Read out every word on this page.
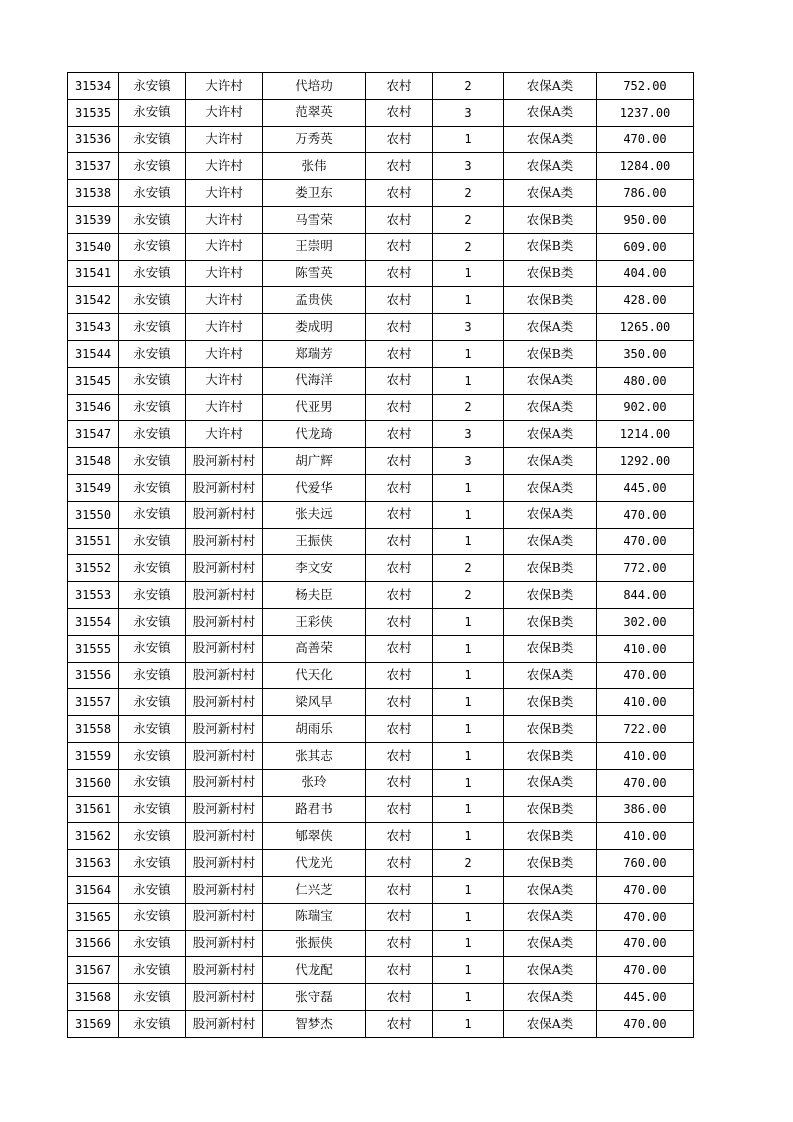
31534	永安镇	大许村	代培功	农村	2	农保A类	752.00
31535	永安镇	大许村	范翠英	农村	3	农保A类	1237.00
31536	永安镇	大许村	万秀英	农村	1	农保A类	470.00
31537	永安镇	大许村	张伟	农村	3	农保A类	1284.00
31538	永安镇	大许村	娄卫东	农村	2	农保A类	786.00
31539	永安镇	大许村	马雪荣	农村	2	农保B类	950.00
31540	永安镇	大许村	王崇明	农村	2	农保B类	609.00
31541	永安镇	大许村	陈雪英	农村	1	农保B类	404.00
31542	永安镇	大许村	孟贵侠	农村	1	农保B类	428.00
31543	永安镇	大许村	娄成明	农村	3	农保A类	1265.00
31544	永安镇	大许村	郑瑞芳	农村	1	农保B类	350.00
31545	永安镇	大许村	代海洋	农村	1	农保A类	480.00
31546	永安镇	大许村	代亚男	农村	2	农保A类	902.00
31547	永安镇	大许村	代龙琦	农村	3	农保A类	1214.00
31548	永安镇	股河新村村	胡广辉	农村	3	农保A类	1292.00
31549	永安镇	股河新村村	代爱华	农村	1	农保A类	445.00
31550	永安镇	股河新村村	张夫远	农村	1	农保A类	470.00
31551	永安镇	股河新村村	王振侠	农村	1	农保A类	470.00
31552	永安镇	股河新村村	李文安	农村	2	农保B类	772.00
31553	永安镇	股河新村村	杨夫臣	农村	2	农保B类	844.00
31554	永安镇	股河新村村	王彩侠	农村	1	农保B类	302.00
31555	永安镇	股河新村村	高善荣	农村	1	农保B类	410.00
31556	永安镇	股河新村村	代天化	农村	1	农保A类	470.00
31557	永安镇	股河新村村	梁风早	农村	1	农保B类	410.00
31558	永安镇	股河新村村	胡雨乐	农村	1	农保B类	722.00
31559	永安镇	股河新村村	张其志	农村	1	农保B类	410.00
31560	永安镇	股河新村村	张玲	农村	1	农保A类	470.00
31561	永安镇	股河新村村	路君书	农村	1	农保B类	386.00
31562	永安镇	股河新村村	郇翠侠	农村	1	农保B类	410.00
31563	永安镇	股河新村村	代龙光	农村	2	农保B类	760.00
31564	永安镇	股河新村村	仁兴芝	农村	1	农保A类	470.00
31565	永安镇	股河新村村	陈瑞宝	农村	1	农保A类	470.00
31566	永安镇	股河新村村	张振侠	农村	1	农保A类	470.00
31567	永安镇	股河新村村	代龙配	农村	1	农保A类	470.00
31568	永安镇	股河新村村	张守磊	农村	1	农保A类	445.00
31569	永安镇	股河新村村	智梦杰	农村	1	农保A类	470.00
